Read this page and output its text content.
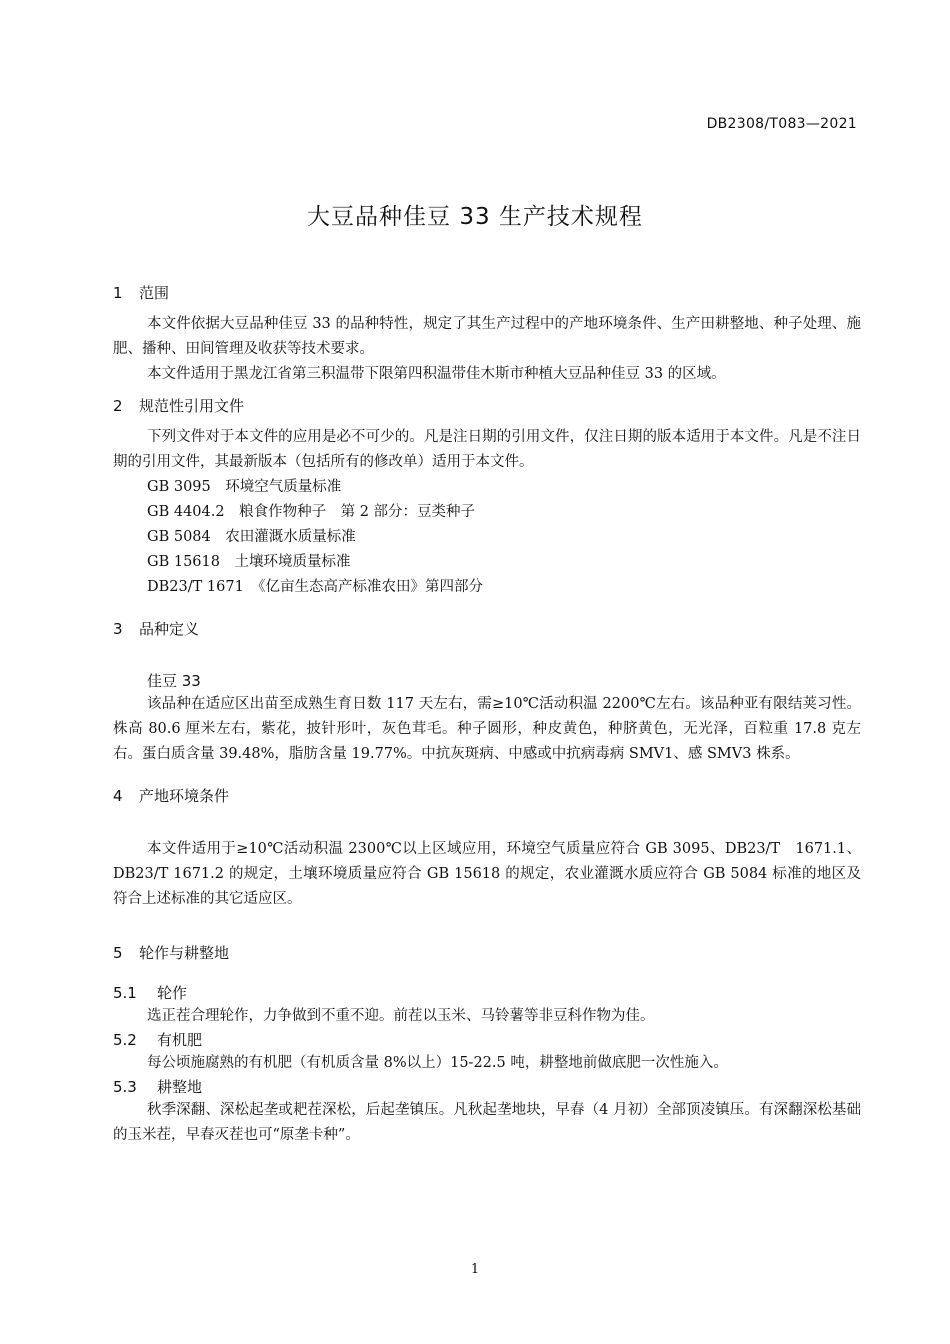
DB2308/T083—2021
大豆品种佳豆 33 生产技术规程
1 范围

本文件依据大豆品种佳豆 33 的品种特性，规定了其生产过程中的产地环境条件、生产田耕整地、种子处理、施肥、播种、田间管理及收获等技术要求。

本文件适用于黑龙江省第三积温带下限第四积温带佳木斯市种植大豆品种佳豆 33 的区域。

2 规范性引用文件

下列文件对于本文件的应用是必不可少的。凡是注日期的引用文件，仅注日期的版本适用于本文件。凡是不注日期的引用文件，其最新版本（包括所有的修改单）适用于本文件。

GB 3095　 环境空气质量标准

GB 4404.2　 粮食作物种子　第 2 部分：豆类种子

GB 5084　 农田灌溉水质量标准

GB 15618　 土壤环境质量标准

DB23/T 1671　 《亿亩生态高产标准农田》第四部分

3 品种定义
佳豆 33

该品种在适应区出苗至成熟生育日数 117 天左右，需≥10℃活动积温 2200℃左右。该品种亚有限结荚习性。株高 80.6 厘米左右，紫花，披针形叶，灰色茸毛。种子圆形，种皮黄色，种脐黄色，无光泽，百粒重 17.8 克左右。蛋白质含量 39.48%，脂肪含量 19.77%。中抗灰斑病、中感或中抗病毒病 SMV1、感 SMV3 株系。

4 产地环境条件

本文件适用于≥10℃活动积温 2300℃以上区域应用，环境空气质量应符合 GB 3095、DB23/T　1671.1、DB23/T 1671.2 的规定，土壤环境质量应符合 GB 15618 的规定，农业灌溉水质应符合 GB 5084 标准的地区及符合上述标准的其它适应区。

5 轮作与耕整地
5.1 轮作

选正茬合理轮作，力争做到不重不迎。前茬以玉米、马铃薯等非豆科作物为佳。

5.2 有机肥

每公顷施腐熟的有机肥（有机质含量 8%以上）15-22.5 吨，耕整地前做底肥一次性施入。

5.3 耕整地

秋季深翻、深松起垄或耙茬深松，后起垄镇压。凡秋起垄地块，早春（4 月初）全部顶凌镇压。有深翻深松基础的玉米茬，早春灭茬也可“原垄卡种”。

1
